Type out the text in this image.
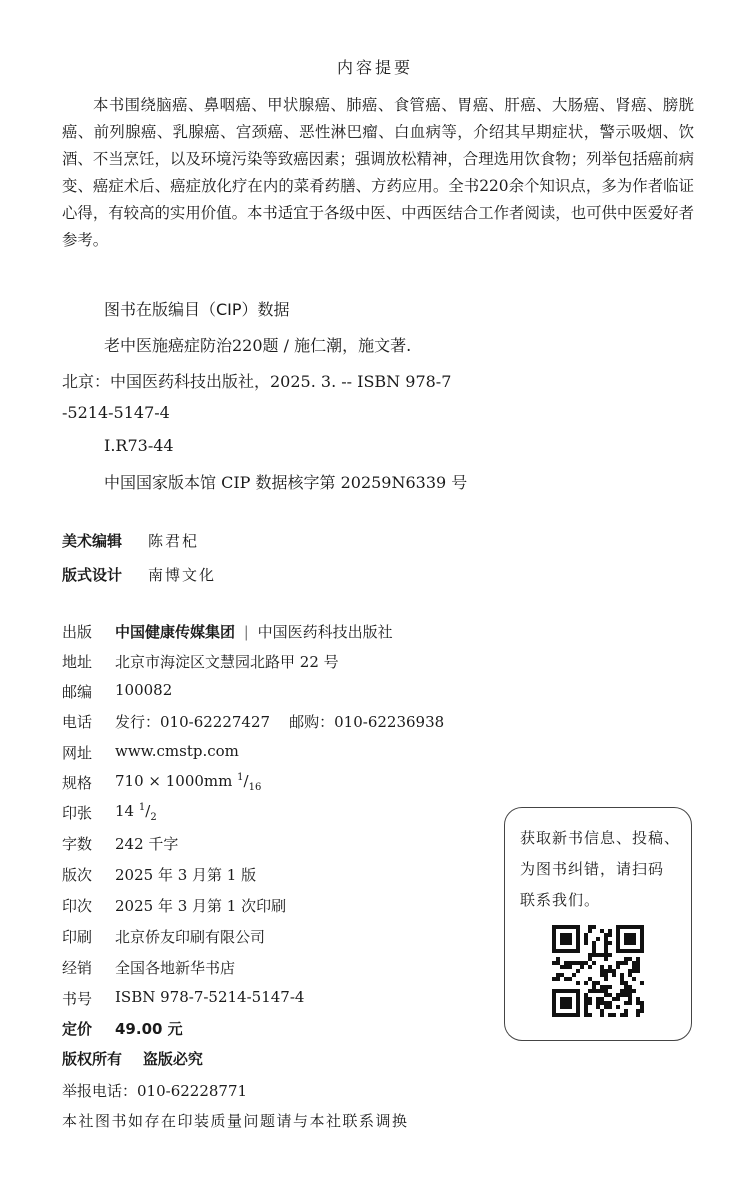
内容提要
本书围绕脑癌、鼻咽癌、甲状腺癌、肺癌、食管癌、胃癌、肝癌、大肠癌、肾癌、膀胱癌、前列腺癌、乳腺癌、宫颈癌、恶性淋巴瘤、白血病等，介绍其早期症状，警示吸烟、饮酒、不当烹饪，以及环境污染等致癌因素；强调放松精神，合理选用饮食物；列举包括癌前病变、癌症术后、癌症放化疗在内的菜肴药膳、方药应用。全书220余个知识点，多为作者临证心得，有较高的实用价值。本书适宜于各级中医、中西医结合工作者阅读，也可供中医爱好者参考。
图书在版编目（CIP）数据
老中医施癌症防治220题 / 施仁潮，施文著.
北京：中国医药科技出版社，2025. 3. -- ISBN 978-7
-5214-5147-4
Ⅰ.R73-44
中国国家版本馆 CIP 数据核字第 20259N6339 号
美术编辑 陈君杞
版式设计 南博文化
出版 中国健康传媒集团 | 中国医药科技出版社
地址 北京市海淀区文慧园北路甲 22 号
邮编 100082
电话 发行：010-62227427    邮购：010-62236938
网址 www.cmstp.com
规格 710 × 1000mm $^1/_{16}$
印张 14 $^1/_2$
字数 242 千字
版次 2025 年 3 月第 1 版
印次 2025 年 3 月第 1 次印刷
印刷 北京侨友印刷有限公司
经销 全国各地新华书店
书号 ISBN 978-7-5214-5147-4
定价 49.00 元
版权所有    盗版必究
举报电话：010-62228771
本社图书如存在印装质量问题请与本社联系调换
获取新书信息、投稿、
为图书纠错，请扫码
联系我们。
